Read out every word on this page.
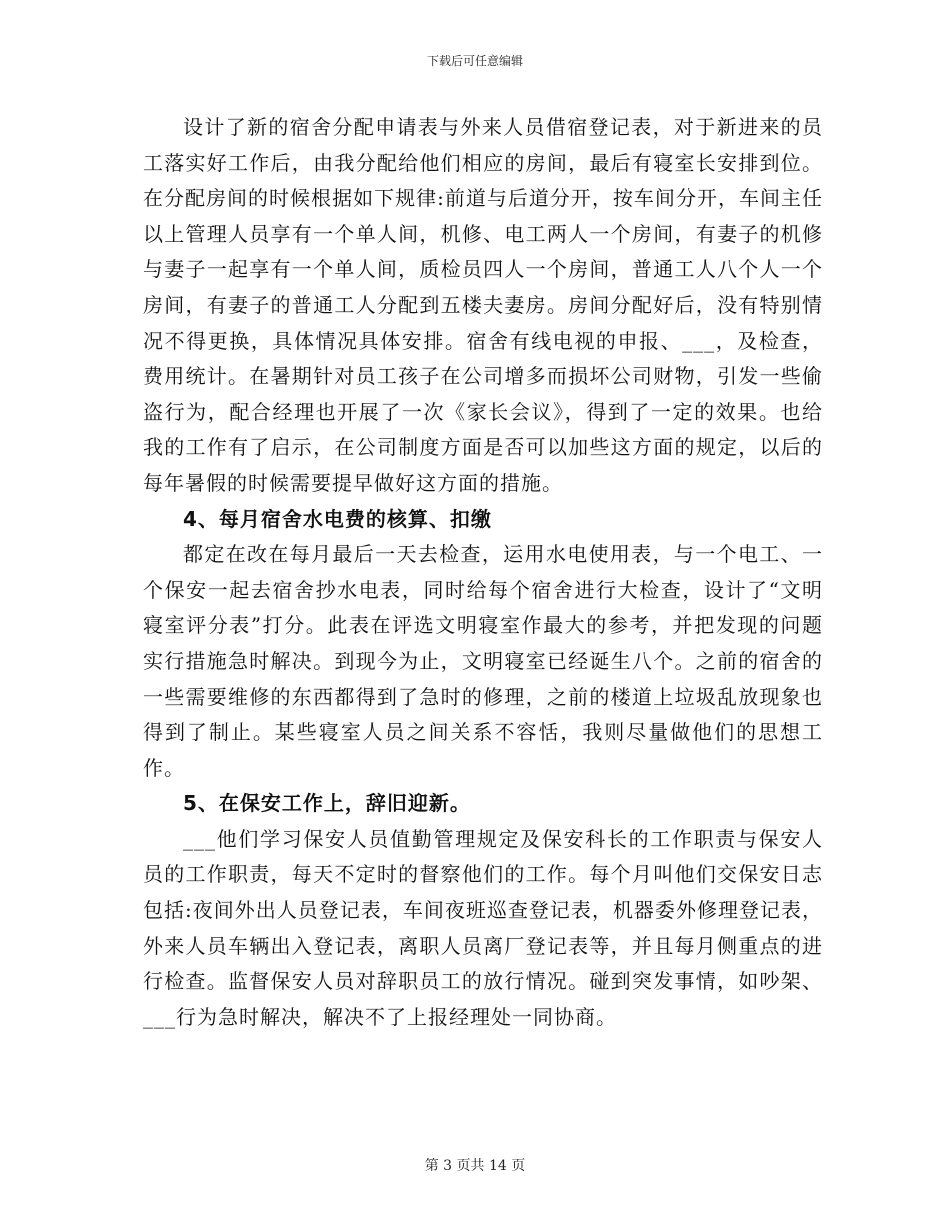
下载后可任意编辑

设计了新的宿舍分配申请表与外来人员借宿登记表，对于新进来的员工落实好工作后，由我分配给他们相应的房间，最后有寝室长安排到位。在分配房间的时候根据如下规律:前道与后道分开，按车间分开，车间主任以上管理人员享有一个单人间，机修、电工两人一个房间，有妻子的机修与妻子一起享有一个单人间，质检员四人一个房间，普通工人八个人一个房间，有妻子的普通工人分配到五楼夫妻房。房间分配好后，没有特别情况不得更换，具体情况具体安排。宿舍有线电视的申报、___，及检查，费用统计。在暑期针对员工孩子在公司增多而损坏公司财物，引发一些偷盗行为，配合经理也开展了一次《家长会议》，得到了一定的效果。也给我的工作有了启示，在公司制度方面是否可以加些这方面的规定，以后的每年暑假的时候需要提早做好这方面的措施。

4、每月宿舍水电费的核算、扣缴

都定在改在每月最后一天去检查，运用水电使用表，与一个电工、一个保安一起去宿舍抄水电表，同时给每个宿舍进行大检查，设计了“文明寝室评分表”打分。此表在评选文明寝室作最大的参考，并把发现的问题实行措施急时解决。到现今为止，文明寝室已经诞生八个。之前的宿舍的一些需要维修的东西都得到了急时的修理，之前的楼道上垃圾乱放现象也得到了制止。某些寝室人员之间关系不容恬，我则尽量做他们的思想工作。

5、在保安工作上，辞旧迎新。

___他们学习保安人员值勤管理规定及保安科长的工作职责与保安人员的工作职责，每天不定时的督察他们的工作。每个月叫他们交保安日志包括:夜间外出人员登记表，车间夜班巡查登记表，机器委外修理登记表，外来人员车辆出入登记表，离职人员离厂登记表等，并且每月侧重点的进行检查。监督保安人员对辞职员工的放行情况。碰到突发事情，如吵架、___行为急时解决，解决不了上报经理处一同协商。

第 3 页共 14 页
